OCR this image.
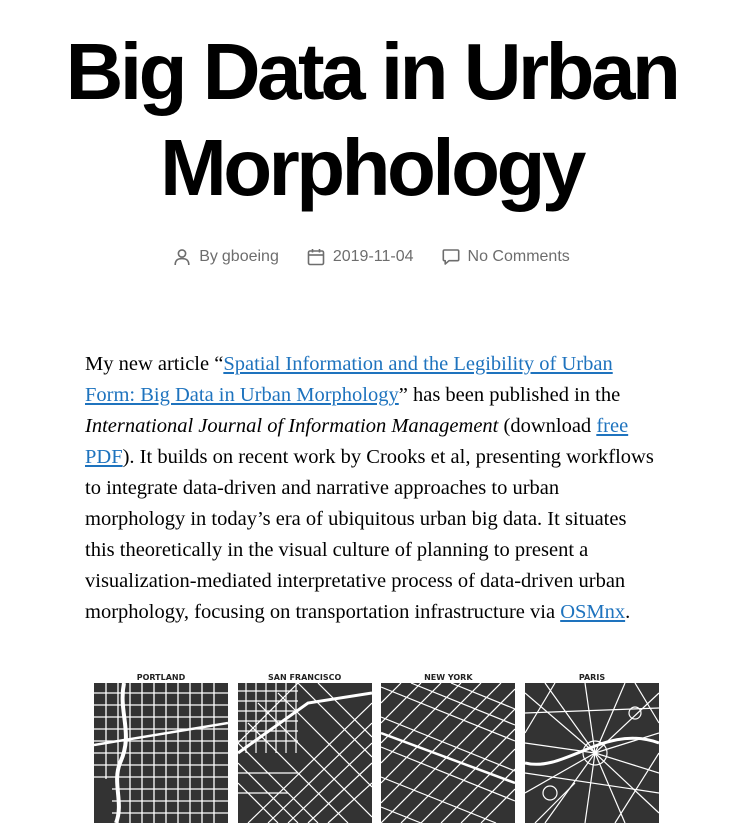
Big Data in Urban
Morphology
By gboeing	2019-11-04	No Comments

My new article “Spatial Information and the Legibility of Urban Form: Big Data in Urban Morphology” has been published in the International Journal of Information Management (download free PDF). It builds on recent work by Crooks et al, presenting workflows to integrate data-driven and narrative approaches to urban morphology in today’s era of ubiquitous urban big data. It situates this theoretically in the visual culture of planning to present a visualization-mediated interpretative process of data-driven urban morphology, focusing on transportation infrastructure via OSMnx.

PORTLAND	SAN FRANCISCO	NEW YORK	PARIS
